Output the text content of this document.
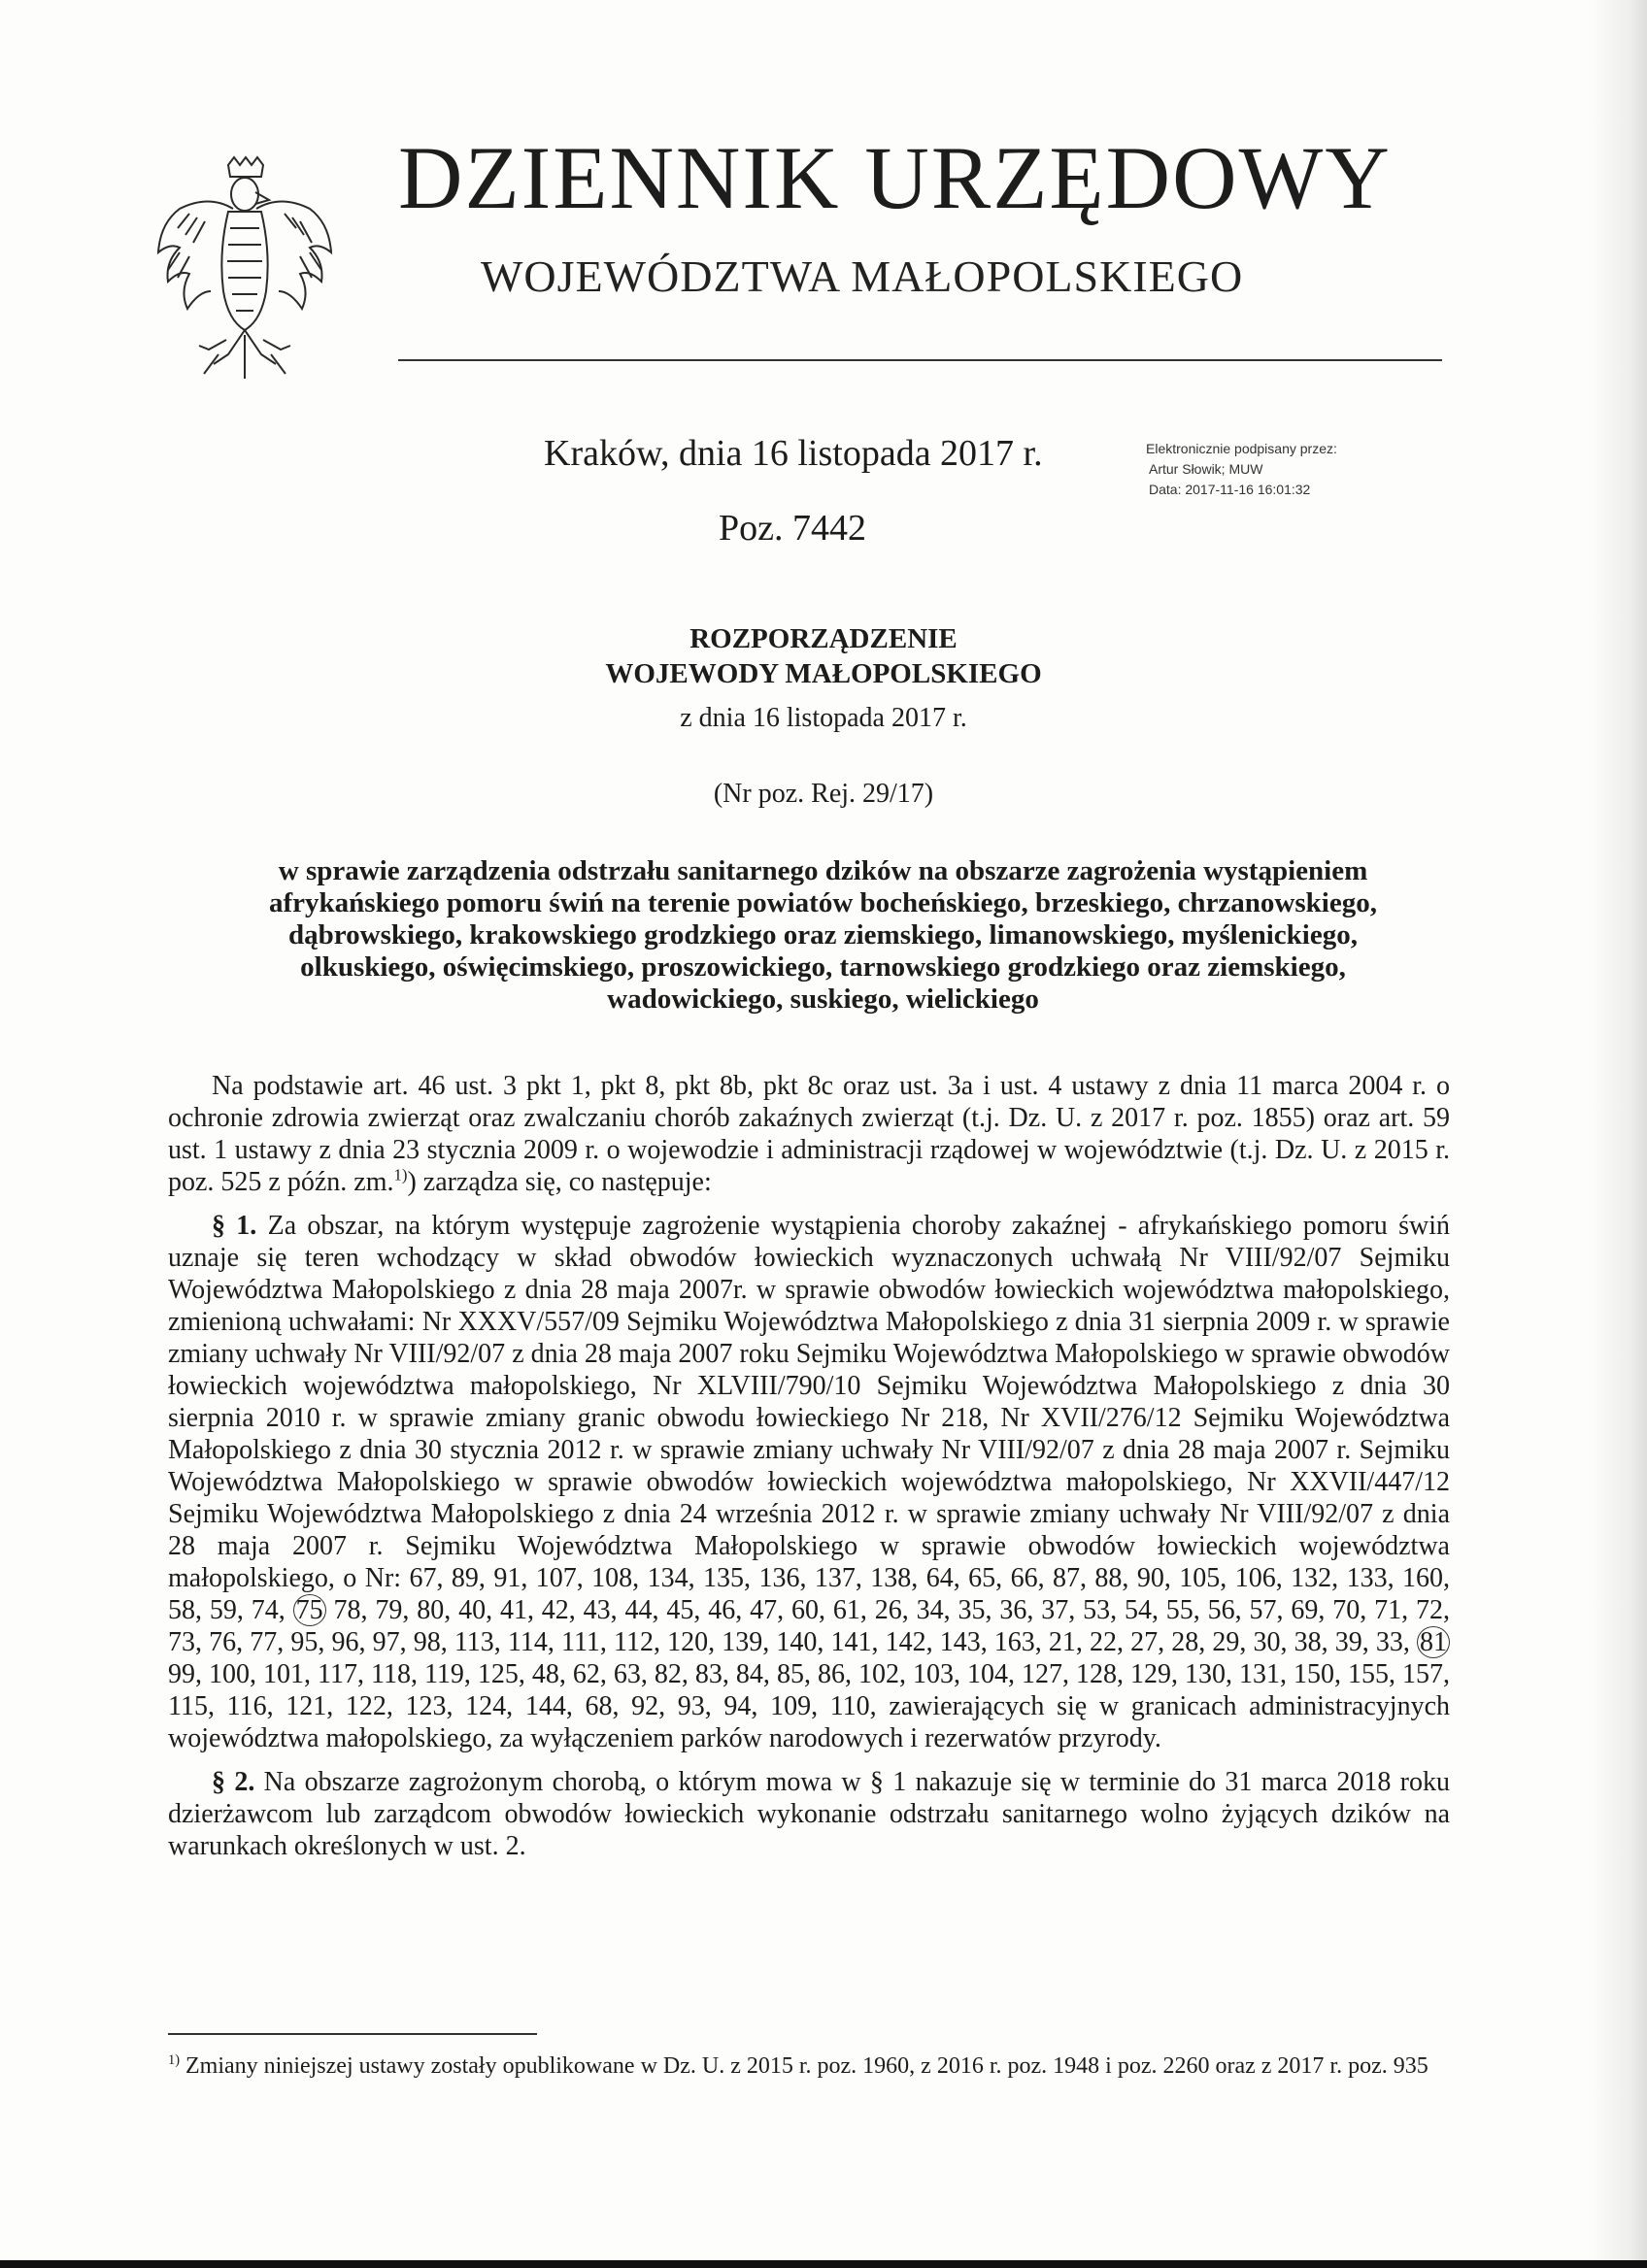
DZIENNIK URZĘDOWY
WOJEWÓDZTWA MAŁOPOLSKIEGO
Kraków, dnia 16 listopada 2017 r.
Poz. 7442
Elektronicznie podpisany przez:
Artur Słowik; MUW
Data: 2017-11-16 16:01:32
ROZPORZĄDZENIE
WOJEWODY MAŁOPOLSKIEGO
z dnia 16 listopada 2017 r.
(Nr poz. Rej. 29/17)
w sprawie zarządzenia odstrzału sanitarnego dzików na obszarze zagrożenia wystąpieniem afrykańskiego pomoru świń na terenie powiatów bocheńskiego, brzeskiego, chrzanowskiego, dąbrowskiego, krakowskiego grodzkiego oraz ziemskiego, limanowskiego, myślenickiego, olkuskiego, oświęcimskiego, proszowickiego, tarnowskiego grodzkiego oraz ziemskiego, wadowickiego, suskiego, wielickiego

Na podstawie art. 46 ust. 3 pkt 1, pkt 8, pkt 8b, pkt 8c oraz ust. 3a i ust. 4 ustawy z dnia 11 marca 2004 r. o ochronie zdrowia zwierząt oraz zwalczaniu chorób zakaźnych zwierząt (t.j. Dz. U. z 2017 r. poz. 1855) oraz art. 59 ust. 1 ustawy z dnia 23 stycznia 2009 r. o wojewodzie i administracji rządowej w województwie (t.j. Dz. U. z 2015 r. poz. 525 z późn. zm.$^{1)}$) zarządza się, co następuje:

§ 1. Za obszar, na którym występuje zagrożenie wystąpienia choroby zakaźnej - afrykańskiego pomoru świń uznaje się teren wchodzący w skład obwodów łowieckich wyznaczonych uchwałą Nr VIII/92/07 Sejmiku Województwa Małopolskiego z dnia 28 maja 2007r. w sprawie obwodów łowieckich województwa małopolskiego, zmienioną uchwałami: Nr XXXV/557/09 Sejmiku Województwa Małopolskiego z dnia 31 sierpnia 2009 r. w sprawie zmiany uchwały Nr VIII/92/07 z dnia 28 maja 2007 roku Sejmiku Województwa Małopolskiego w sprawie obwodów łowieckich województwa małopolskiego, Nr XLVIII/790/10 Sejmiku Województwa Małopolskiego z dnia 30 sierpnia 2010 r. w sprawie zmiany granic obwodu łowieckiego Nr 218, Nr XVII/276/12 Sejmiku Województwa Małopolskiego z dnia 30 stycznia 2012 r. w sprawie zmiany uchwały Nr VIII/92/07 z dnia 28 maja 2007 r. Sejmiku Województwa Małopolskiego w sprawie obwodów łowieckich województwa małopolskiego, Nr XXVII/447/12 Sejmiku Województwa Małopolskiego z dnia 24 września 2012 r. w sprawie zmiany uchwały Nr VIII/92/07 z dnia 28 maja 2007 r. Sejmiku Województwa Małopolskiego w sprawie obwodów łowieckich województwa małopolskiego, o Nr: 67, 89, 91, 107, 108, 134, 135, 136, 137, 138, 64, 65, 66, 87, 88, 90, 105, 106, 132, 133, 160, 58, 59, 74, 75 78, 79, 80, 40, 41, 42, 43, 44, 45, 46, 47, 60, 61, 26, 34, 35, 36, 37, 53, 54, 55, 56, 57, 69, 70, 71, 72, 73, 76, 77, 95, 96, 97, 98, 113, 114, 111, 112, 120, 139, 140, 141, 142, 143, 163, 21, 22, 27, 28, 29, 30, 38, 39, 33, 81 99, 100, 101, 117, 118, 119, 125, 48, 62, 63, 82, 83, 84, 85, 86, 102, 103, 104, 127, 128, 129, 130, 131, 150, 155, 157, 115, 116, 121, 122, 123, 124, 144, 68, 92, 93, 94, 109, 110, zawierających się w granicach administracyjnych województwa małopolskiego, za wyłączeniem parków narodowych i rezerwatów przyrody.

§ 2. Na obszarze zagrożonym chorobą, o którym mowa w § 1 nakazuje się w terminie do 31 marca 2018 roku dzierżawcom lub zarządcom obwodów łowieckich wykonanie odstrzału sanitarnego wolno żyjących dzików na warunkach określonych w ust. 2.

$^{1)}$ Zmiany niniejszej ustawy zostały opublikowane w Dz. U. z 2015 r. poz. 1960, z 2016 r. poz. 1948 i poz. 2260 oraz z 2017 r. poz. 935
